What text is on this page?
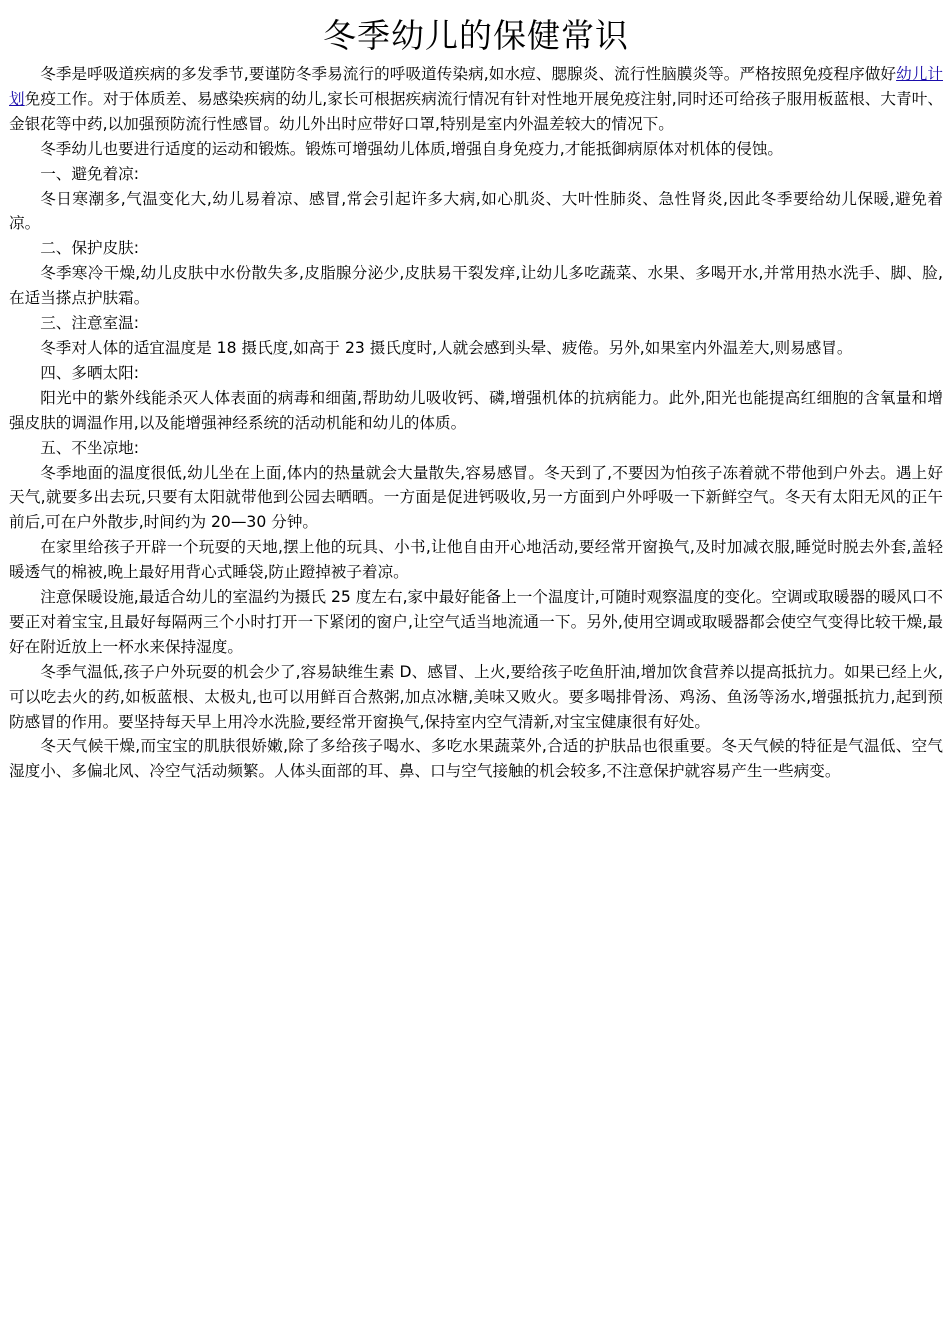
冬季幼儿的保健常识

冬季是呼吸道疾病的多发季节,要谨防冬季易流行的呼吸道传染病,如水痘、腮腺炎、流行性脑膜炎等。严格按照免疫程序做好幼儿计划免疫工作。对于体质差、易感染疾病的幼儿,家长可根据疾病流行情况有针对性地开展免疫注射,同时还可给孩子服用板蓝根、大青叶、金银花等中药,以加强预防流行性感冒。幼儿外出时应带好口罩,特别是室内外温差较大的情况下。

冬季幼儿也要进行适度的运动和锻炼。锻炼可增强幼儿体质,增强自身免疫力,才能抵御病原体对机体的侵蚀。

一、避免着凉:

冬日寒潮多,气温变化大,幼儿易着凉、感冒,常会引起许多大病,如心肌炎、大叶性肺炎、急性肾炎,因此冬季要给幼儿保暖,避免着凉。

二、保护皮肤:

冬季寒冷干燥,幼儿皮肤中水份散失多,皮脂腺分泌少,皮肤易干裂发痒,让幼儿多吃蔬菜、水果、多喝开水,并常用热水洗手、脚、脸,在适当搽点护肤霜。

三、注意室温:

冬季对人体的适宜温度是 18 摄氏度,如高于 23 摄氏度时,人就会感到头晕、疲倦。另外,如果室内外温差大,则易感冒。

四、多晒太阳:

阳光中的紫外线能杀灭人体表面的病毒和细菌,帮助幼儿吸收钙、磷,增强机体的抗病能力。此外,阳光也能提高红细胞的含氧量和增强皮肤的调温作用,以及能增强神经系统的活动机能和幼儿的体质。

五、不坐凉地:

冬季地面的温度很低,幼儿坐在上面,体内的热量就会大量散失,容易感冒。冬天到了,不要因为怕孩子冻着就不带他到户外去。遇上好天气,就要多出去玩,只要有太阳就带他到公园去晒晒。一方面是促进钙吸收,另一方面到户外呼吸一下新鲜空气。冬天有太阳无风的正午前后,可在户外散步,时间约为 20—30 分钟。

在家里给孩子开辟一个玩耍的天地,摆上他的玩具、小书,让他自由开心地活动,要经常开窗换气,及时加减衣服,睡觉时脱去外套,盖轻暖透气的棉被,晚上最好用背心式睡袋,防止蹬掉被子着凉。

注意保暖设施,最适合幼儿的室温约为摄氏 25 度左右,家中最好能备上一个温度计,可随时观察温度的变化。空调或取暖器的暖风口不要正对着宝宝,且最好每隔两三个小时打开一下紧闭的窗户,让空气适当地流通一下。另外,使用空调或取暖器都会使空气变得比较干燥,最好在附近放上一杯水来保持湿度。

冬季气温低,孩子户外玩耍的机会少了,容易缺维生素 D、感冒、上火,要给孩子吃鱼肝油,增加饮食营养以提高抵抗力。如果已经上火,可以吃去火的药,如板蓝根、太极丸,也可以用鲜百合熬粥,加点冰糖,美味又败火。要多喝排骨汤、鸡汤、鱼汤等汤水,增强抵抗力,起到预防感冒的作用。要坚持每天早上用冷水洗脸,要经常开窗换气,保持室内空气清新,对宝宝健康很有好处。

冬天气候干燥,而宝宝的肌肤很娇嫩,除了多给孩子喝水、多吃水果蔬菜外,合适的护肤品也很重要。冬天气候的特征是气温低、空气湿度小、多偏北风、冷空气活动频繁。人体头面部的耳、鼻、口与空气接触的机会较多,不注意保护就容易产生一些病变。
